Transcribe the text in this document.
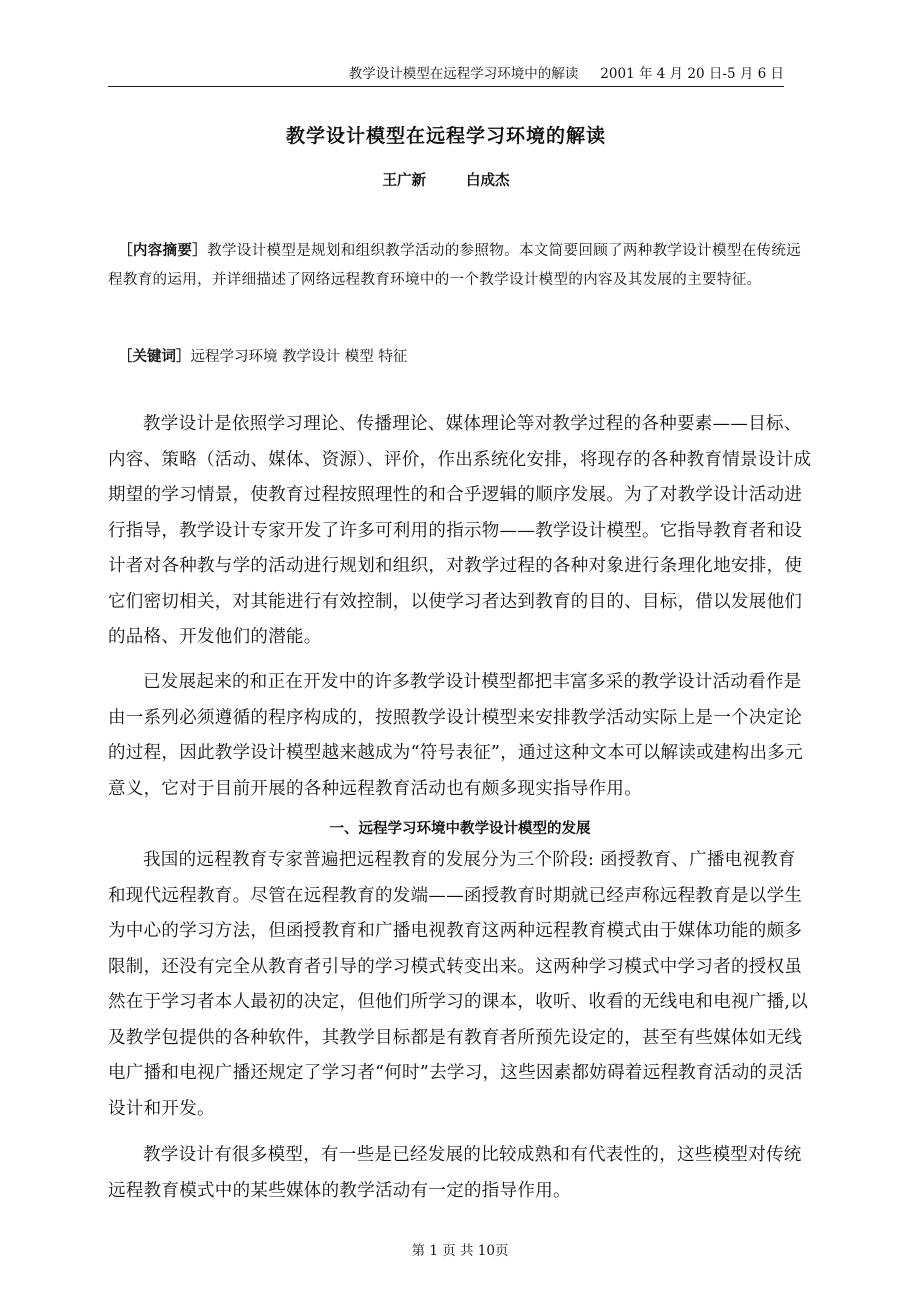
教学设计模型在远程学习环境中的解读 2001 年 4 月 20 日-5 月 6 日
教学设计模型在远程学习环境的解读
王广新	白成杰
［内容摘要］教学设计模型是规划和组织教学活动的参照物。本文简要回顾了两种教学设计模型在传统远程教育的运用，并详细描述了网络远程教育环境中的一个教学设计模型的内容及其发展的主要特征。
［关键词］远程学习环境 教学设计 模型 特征

教学设计是依照学习理论、传播理论、媒体理论等对教学过程的各种要素——目标、内容、策略（活动、媒体、资源）、评价，作出系统化安排，将现存的各种教育情景设计成期望的学习情景，使教育过程按照理性的和合乎逻辑的顺序发展。为了对教学设计活动进行指导，教学设计专家开发了许多可利用的指示物——教学设计模型。它指导教育者和设计者对各种教与学的活动进行规划和组织，对教学过程的各种对象进行条理化地安排，使它们密切相关，对其能进行有效控制，以使学习者达到教育的目的、目标，借以发展他们的品格、开发他们的潜能。

已发展起来的和正在开发中的许多教学设计模型都把丰富多采的教学设计活动看作是由一系列必须遵循的程序构成的，按照教学设计模型来安排教学活动实际上是一个决定论的过程，因此教学设计模型越来越成为“符号表征”，通过这种文本可以解读或建构出多元意义，它对于目前开展的各种远程教育活动也有颇多现实指导作用。

一、远程学习环境中教学设计模型的发展

我国的远程教育专家普遍把远程教育的发展分为三个阶段: 函授教育、广播电视教育和现代远程教育。尽管在远程教育的发端——函授教育时期就已经声称远程教育是以学生为中心的学习方法，但函授教育和广播电视教育这两种远程教育模式由于媒体功能的颇多限制，还没有完全从教育者引导的学习模式转变出来。这两种学习模式中学习者的授权虽然在于学习者本人最初的决定，但他们所学习的课本，收听、收看的无线电和电视广播,以及教学包提供的各种软件，其教学目标都是有教育者所预先设定的，甚至有些媒体如无线电广播和电视广播还规定了学习者“何时”去学习，这些因素都妨碍着远程教育活动的灵活设计和开发。

教学设计有很多模型，有一些是已经发展的比较成熟和有代表性的，这些模型对传统远程教育模式中的某些媒体的教学活动有一定的指导作用。

第 1 页 共 10页
